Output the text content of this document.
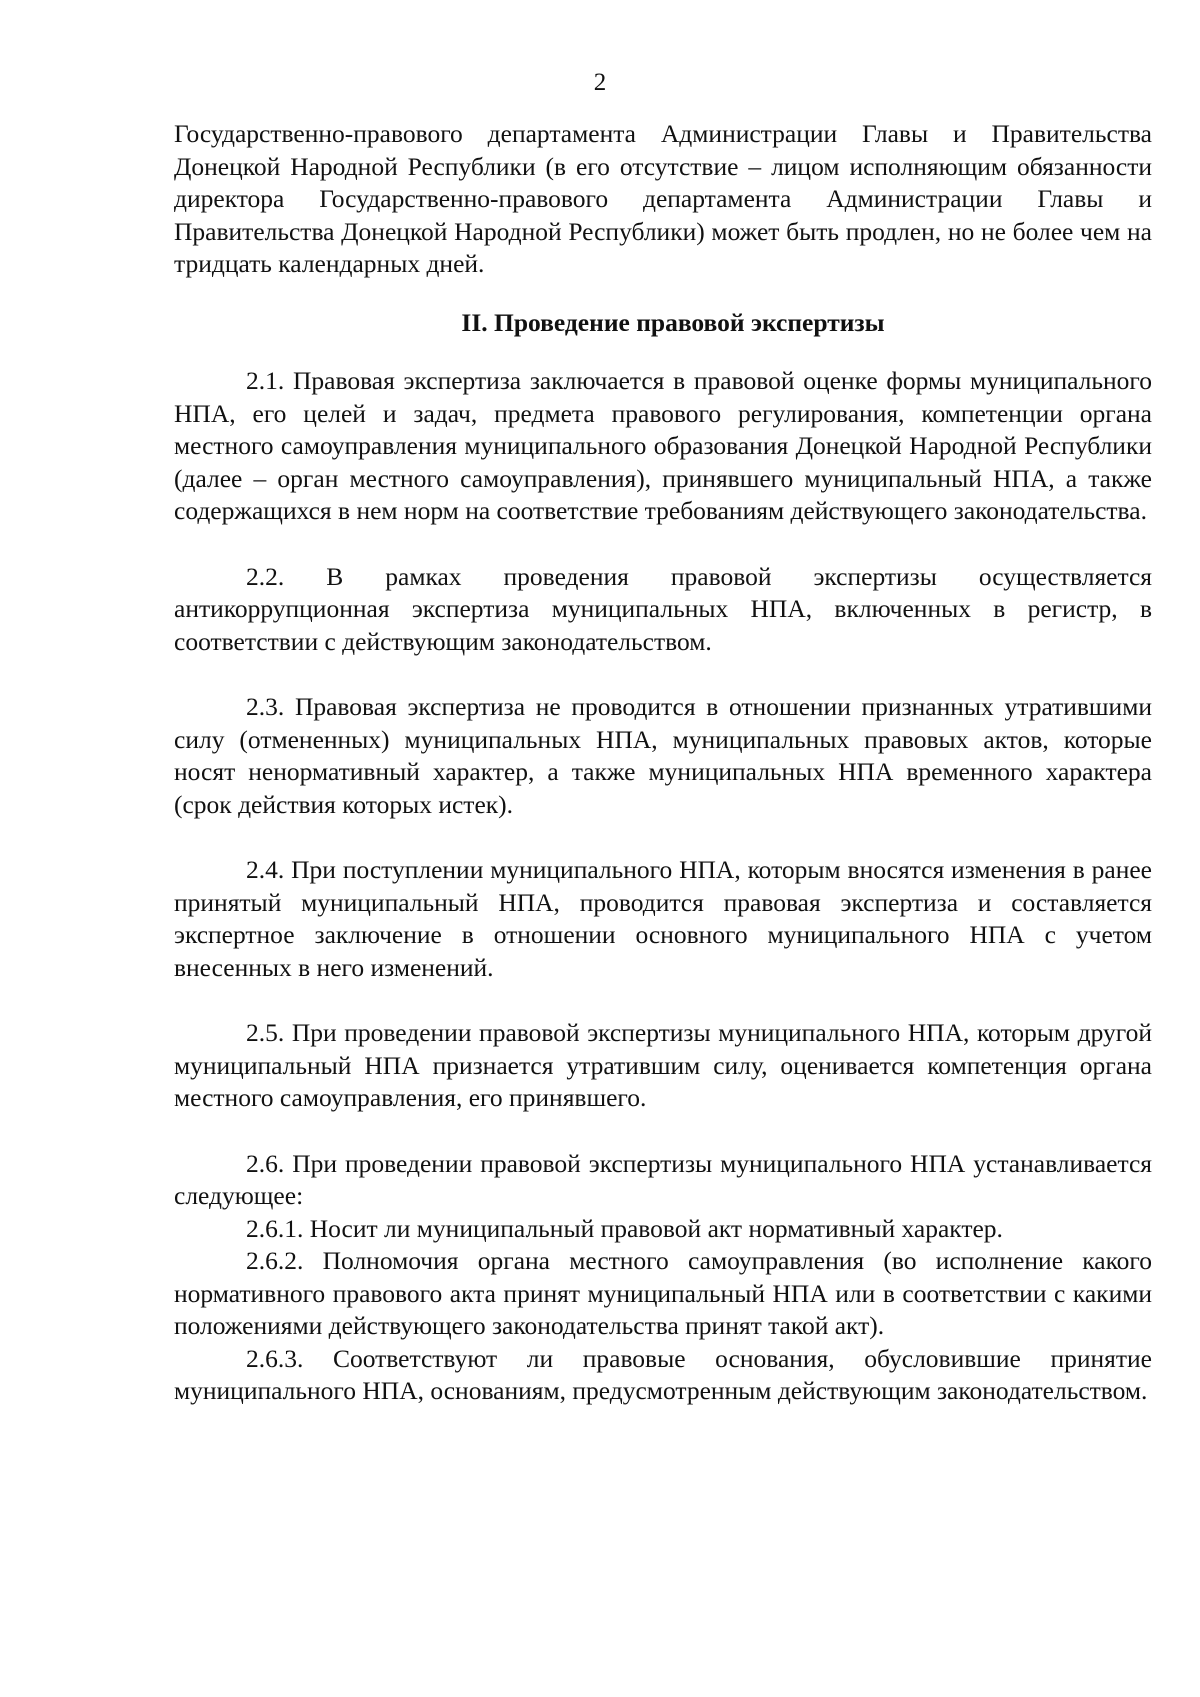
2

Государственно-правового департамента Администрации Главы и Правительства Донецкой Народной Республики (в его отсутствие – лицом исполняющим обязанности директора Государственно-правового департамента Администрации Главы и Правительства Донецкой Народной Республики) может быть продлен, но не более чем на тридцать календарных дней.

II. Проведение правовой экспертизы

2.1. Правовая экспертиза заключается в правовой оценке формы муниципального НПА, его целей и задач, предмета правового регулирования, компетенции органа местного самоуправления муниципального образования Донецкой Народной Республики (далее – орган местного самоуправления), принявшего муниципальный НПА, а также содержащихся в нем норм на соответствие требованиям действующего законодательства.

2.2. В рамках проведения правовой экспертизы осуществляется антикоррупционная экспертиза муниципальных НПА, включенных в регистр, в соответствии с действующим законодательством.

2.3. Правовая экспертиза не проводится в отношении признанных утратившими силу (отмененных) муниципальных НПА, муниципальных правовых актов, которые носят ненормативный характер, а также муниципальных НПА временного характера (срок действия которых истек).

2.4. При поступлении муниципального НПА, которым вносятся изменения в ранее принятый муниципальный НПА, проводится правовая экспертиза и составляется экспертное заключение в отношении основного муниципального НПА с учетом внесенных в него изменений.

2.5. При проведении правовой экспертизы муниципального НПА, которым другой муниципальный НПА признается утратившим силу, оценивается компетенция органа местного самоуправления, его принявшего.

2.6. При проведении правовой экспертизы муниципального НПА устанавливается следующее:

2.6.1. Носит ли муниципальный правовой акт нормативный характер.

2.6.2. Полномочия органа местного самоуправления (во исполнение какого нормативного правового акта принят муниципальный НПА или в соответствии с какими положениями действующего законодательства принят такой акт).

2.6.3. Соответствуют ли правовые основания, обусловившие принятие муниципального НПА, основаниям, предусмотренным действующим законодательством.
